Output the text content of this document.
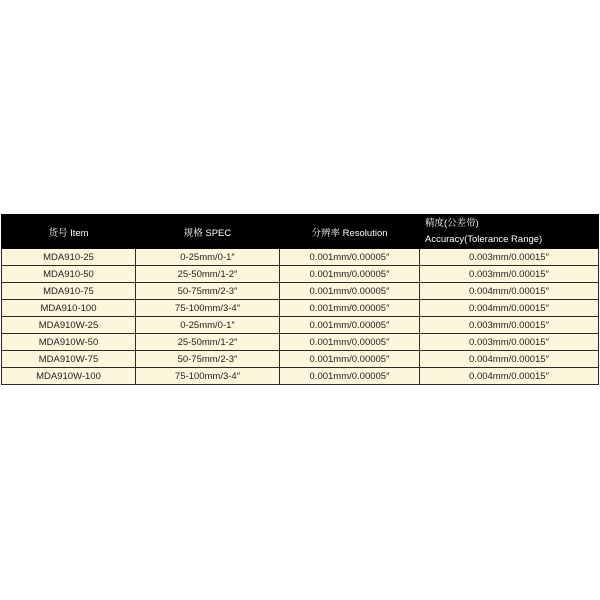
货号 Item	规格 SPEC	分辨率 Resolution	精度(公差带)
Accuracy(Tolerance Range)

MDA910-25	0-25mm/0-1″	0.001mm/0.00005″	0.003mm/0.00015″
MDA910-50	25-50mm/1-2″	0.001mm/0.00005″	0.003mm/0.00015″
MDA910-75	50-75mm/2-3″	0.001mm/0.00005″	0.004mm/0.00015″
MDA910-100	75-100mm/3-4″	0.001mm/0.00005″	0.004mm/0.00015″
MDA910W-25	0-25mm/0-1″	0.001mm/0.00005″	0.003mm/0.00015″
MDA910W-50	25-50mm/1-2″	0.001mm/0.00005″	0.003mm/0.00015″
MDA910W-75	50-75mm/2-3″	0.001mm/0.00005″	0.004mm/0.00015″
MDA910W-100	75-100mm/3-4″	0.001mm/0.00005″	0.004mm/0.00015″
